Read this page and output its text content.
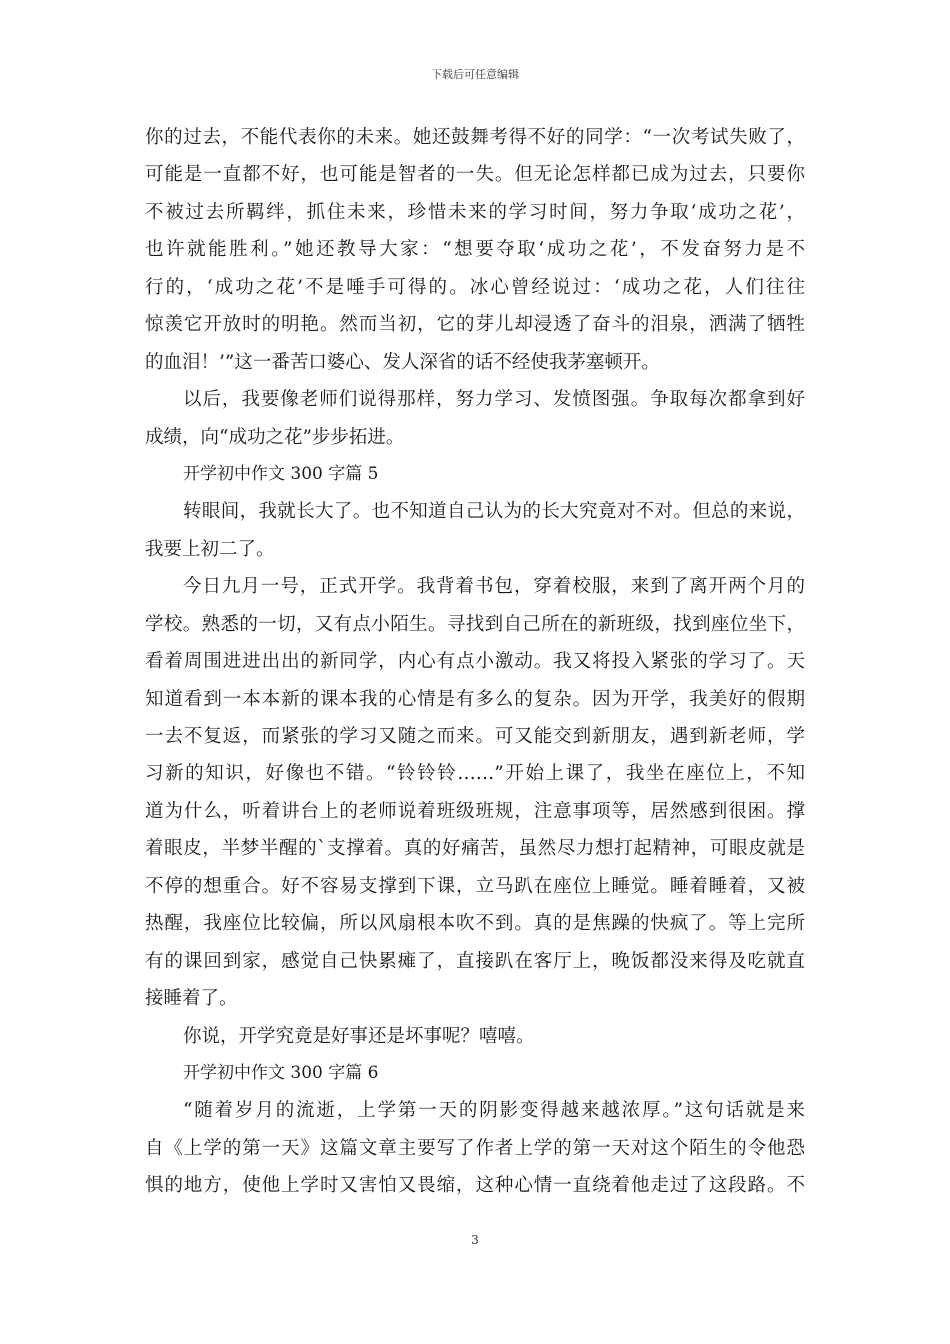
下载后可任意编辑
你的过去，不能代表你的未来。她还鼓舞考得不好的同学：“一次考试失败了，
可能是一直都不好，也可能是智者的一失。但无论怎样都已成为过去，只要你
不被过去所羁绊，抓住未来，珍惜未来的学习时间，努力争取‘成功之花’，
也许就能胜利。”她还教导大家：“想要夺取‘成功之花’，不发奋努力是不
行的，‘成功之花’不是唾手可得的。冰心曾经说过：‘成功之花，人们往往
惊羡它开放时的明艳。然而当初，它的芽儿却浸透了奋斗的泪泉，洒满了牺牲
的血泪！’”这一番苦口婆心、发人深省的话不经使我茅塞顿开。
以后，我要像老师们说得那样，努力学习、发愤图强。争取每次都拿到好
成绩，向“成功之花”步步拓进。
开学初中作文 300 字篇 5
转眼间，我就长大了。也不知道自己认为的长大究竟对不对。但总的来说，
我要上初二了。
今日九月一号，正式开学。我背着书包，穿着校服，来到了离开两个月的
学校。熟悉的一切，又有点小陌生。寻找到自己所在的新班级，找到座位坐下，
看着周围进进出出的新同学，内心有点小激动。我又将投入紧张的学习了。天
知道看到一本本新的课本我的心情是有多么的复杂。因为开学，我美好的假期
一去不复返，而紧张的学习又随之而来。可又能交到新朋友，遇到新老师，学
习新的知识，好像也不错。“铃铃铃……”开始上课了，我坐在座位上，不知
道为什么，听着讲台上的老师说着班级班规，注意事项等，居然感到很困。撑
着眼皮，半梦半醒的`支撑着。真的好痛苦，虽然尽力想打起精神，可眼皮就是
不停的想重合。好不容易支撑到下课，立马趴在座位上睡觉。睡着睡着，又被
热醒，我座位比较偏，所以风扇根本吹不到。真的是焦躁的快疯了。等上完所
有的课回到家，感觉自己快累瘫了，直接趴在客厅上，晚饭都没来得及吃就直
接睡着了。
你说，开学究竟是好事还是坏事呢？嘻嘻。
开学初中作文 300 字篇 6
“随着岁月的流逝，上学第一天的阴影变得越来越浓厚。”这句话就是来
自《上学的第一天》这篇文章主要写了作者上学的第一天对这个陌生的令他恐
惧的地方，使他上学时又害怕又畏缩，这种心情一直绕着他走过了这段路。不
3
